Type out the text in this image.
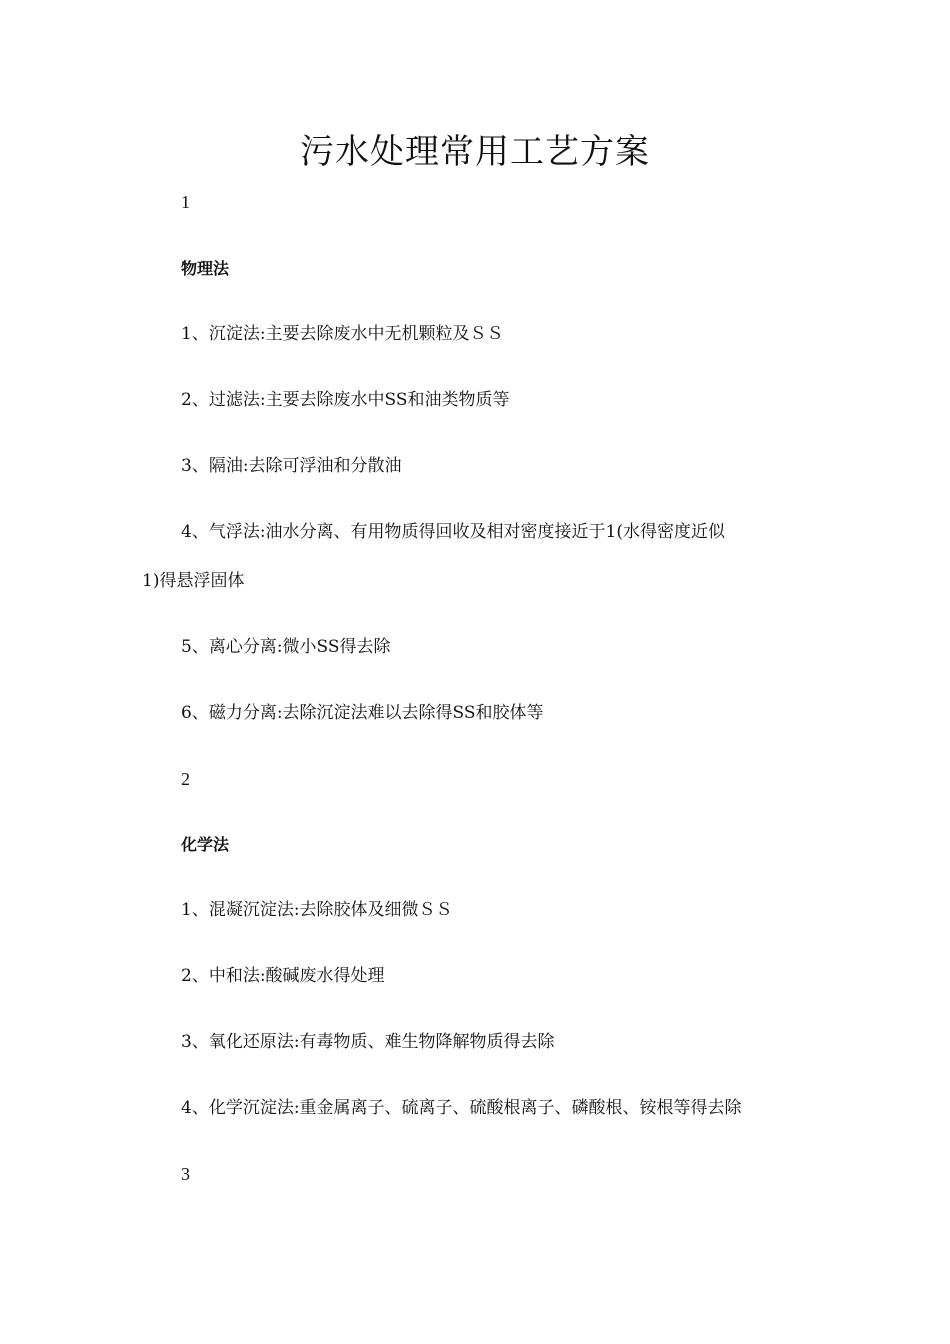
污水处理常用工艺方案
1
物理法
1、沉淀法:主要去除废水中无机颗粒及ＳＳ
2、过滤法:主要去除废水中SS和油类物质等
3、隔油:去除可浮油和分散油
4、气浮法:油水分离、有用物质得回收及相对密度接近于1(水得密度近似
1)得悬浮固体
5、离心分离:微小SS得去除
6、磁力分离:去除沉淀法难以去除得SS和胶体等
2
化学法
1、混凝沉淀法:去除胶体及细微ＳＳ
2、中和法:酸碱废水得处理
3、氧化还原法:有毒物质、难生物降解物质得去除
4、化学沉淀法:重金属离子、硫离子、硫酸根离子、磷酸根、铵根等得去除
3
